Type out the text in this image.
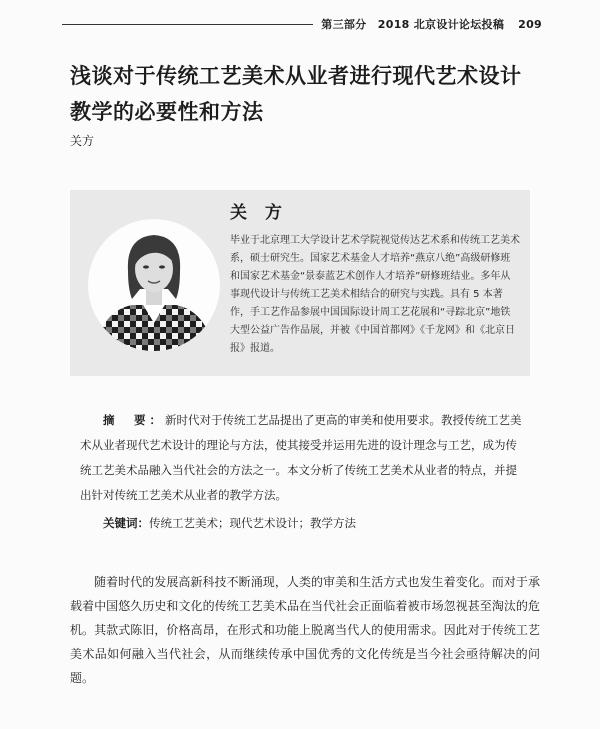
第三部分　2018 北京设计论坛投稿 209
浅谈对于传统工艺美术从业者进行现代艺术设计教学的必要性和方法
关方
关 方
毕业于北京理工大学设计艺术学院视觉传达艺术系和传统工艺美术系，硕士研究生。国家艺术基金人才培养“燕京八绝”高级研修班和国家艺术基金“景泰蓝艺术创作人才培养”研修班结业。多年从事现代设计与传统工艺美术相结合的研究与实践。具有 5 本著作，手工艺作品参展中国国际设计周工艺花展和“寻踪北京”地铁大型公益广告作品展，并被《中国首都网》《千龙网》和《北京日报》报道。

摘　要：新时代对于传统工艺品提出了更高的审美和使用要求。教授传统工艺美术从业者现代艺术设计的理论与方法，使其接受并运用先进的设计理念与工艺，成为传统工艺美术品融入当代社会的方法之一。本文分析了传统工艺美术从业者的特点，并提出针对传统工艺美术从业者的教学方法。

关键词：传统工艺美术；现代艺术设计；教学方法

随着时代的发展高新科技不断涌现，人类的审美和生活方式也发生着变化。而对于承载着中国悠久历史和文化的传统工艺美术品在当代社会正面临着被市场忽视甚至淘汰的危机。其款式陈旧，价格高昂，在形式和功能上脱离当代人的使用需求。因此对于传统工艺美术品如何融入当代社会，从而继续传承中国优秀的文化传统是当今社会亟待解决的问题。
